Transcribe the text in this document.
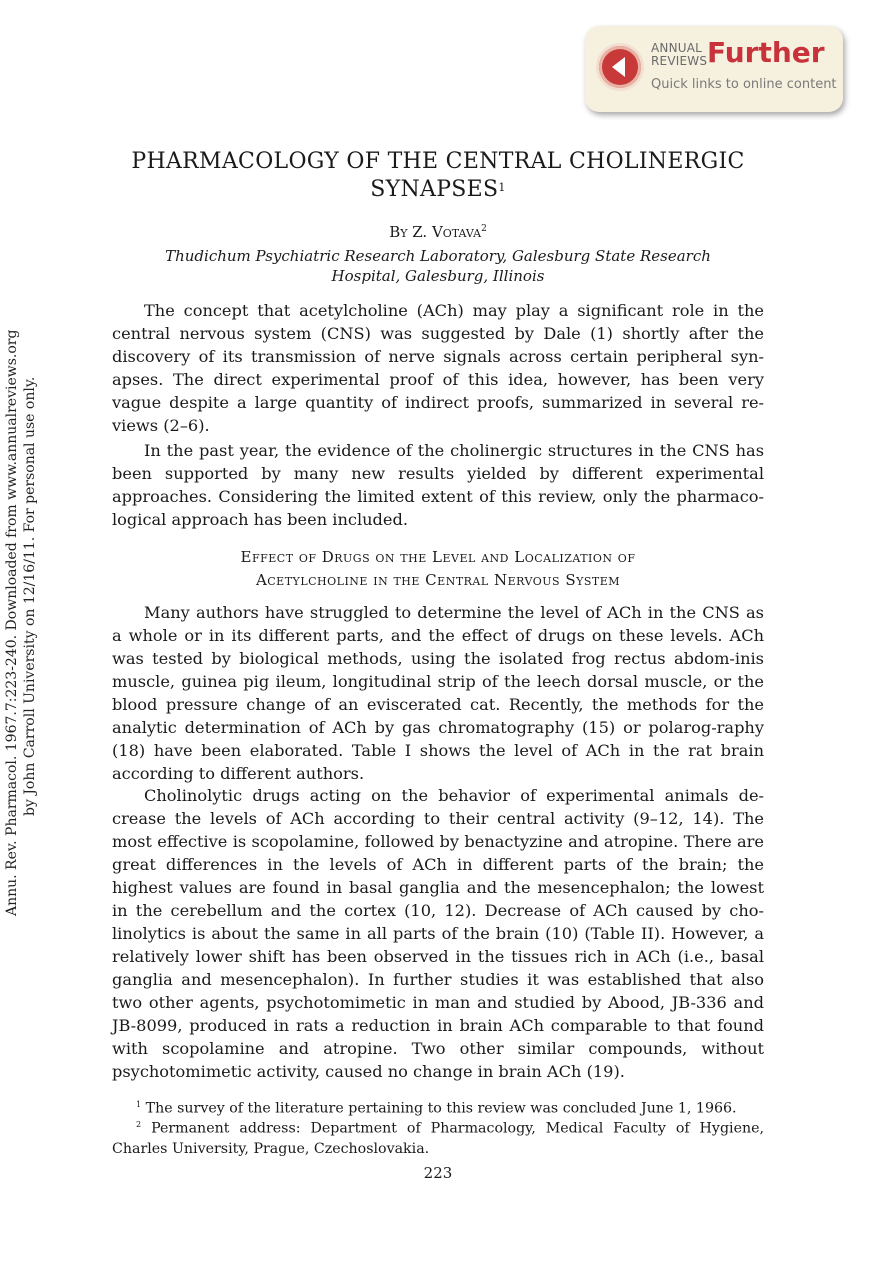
ANNUAL
REVIEWS Further
Quick links to online content
Annu. Rev. Pharmacol. 1967.7:223-240. Downloaded from www.annualreviews.org by John Carroll University on 12/16/11. For personal use only.
PHARMACOLOGY OF THE CENTRAL CHOLINERGIC
SYNAPSES$^1$
By Z. Votava$^2$
Thudichum Psychiatric Research Laboratory, Galesburg State Research
Hospital, Galesburg, Illinois

The concept that acetylcholine (ACh) may play a significant role in the central nervous system (CNS) was suggested by Dale (1) shortly after the discovery of its transmission of nerve signals across certain peripheral syn-apses. The direct experimental proof of this idea, however, has been very vague despite a large quantity of indirect proofs, summarized in several re-views (2–6).

In the past year, the evidence of the cholinergic structures in the CNS has been supported by many new results yielded by different experimental approaches. Considering the limited extent of this review, only the pharmaco-logical approach has been included.

Effect of Drugs on the Level and Localization of
Acetylcholine in the Central Nervous System

Many authors have struggled to determine the level of ACh in the CNS as a whole or in its different parts, and the effect of drugs on these levels. ACh was tested by biological methods, using the isolated frog rectus abdom-inis muscle, guinea pig ileum, longitudinal strip of the leech dorsal muscle, or the blood pressure change of an eviscerated cat. Recently, the methods for the analytic determination of ACh by gas chromatography (15) or polarog-raphy (18) have been elaborated. Table I shows the level of ACh in the rat brain according to different authors.

Cholinolytic drugs acting on the behavior of experimental animals de-crease the levels of ACh according to their central activity (9–12, 14). The most effective is scopolamine, followed by benactyzine and atropine. There are great differences in the levels of ACh in different parts of the brain; the highest values are found in basal ganglia and the mesencephalon; the lowest in the cerebellum and the cortex (10, 12). Decrease of ACh caused by cho-linolytics is about the same in all parts of the brain (10) (Table II). However, a relatively lower shift has been observed in the tissues rich in ACh (i.e., basal ganglia and mesencephalon). In further studies it was established that also two other agents, psychotomimetic in man and studied by Abood, JB-336 and JB-8099, produced in rats a reduction in brain ACh comparable to that found with scopolamine and atropine. Two other similar compounds, without psychotomimetic activity, caused no change in brain ACh (19).

$^1$ The survey of the literature pertaining to this review was concluded June 1, 1966.
$^2$ Permanent address: Department of Pharmacology, Medical Faculty of Hygiene, Charles University, Prague, Czechoslovakia.
223
